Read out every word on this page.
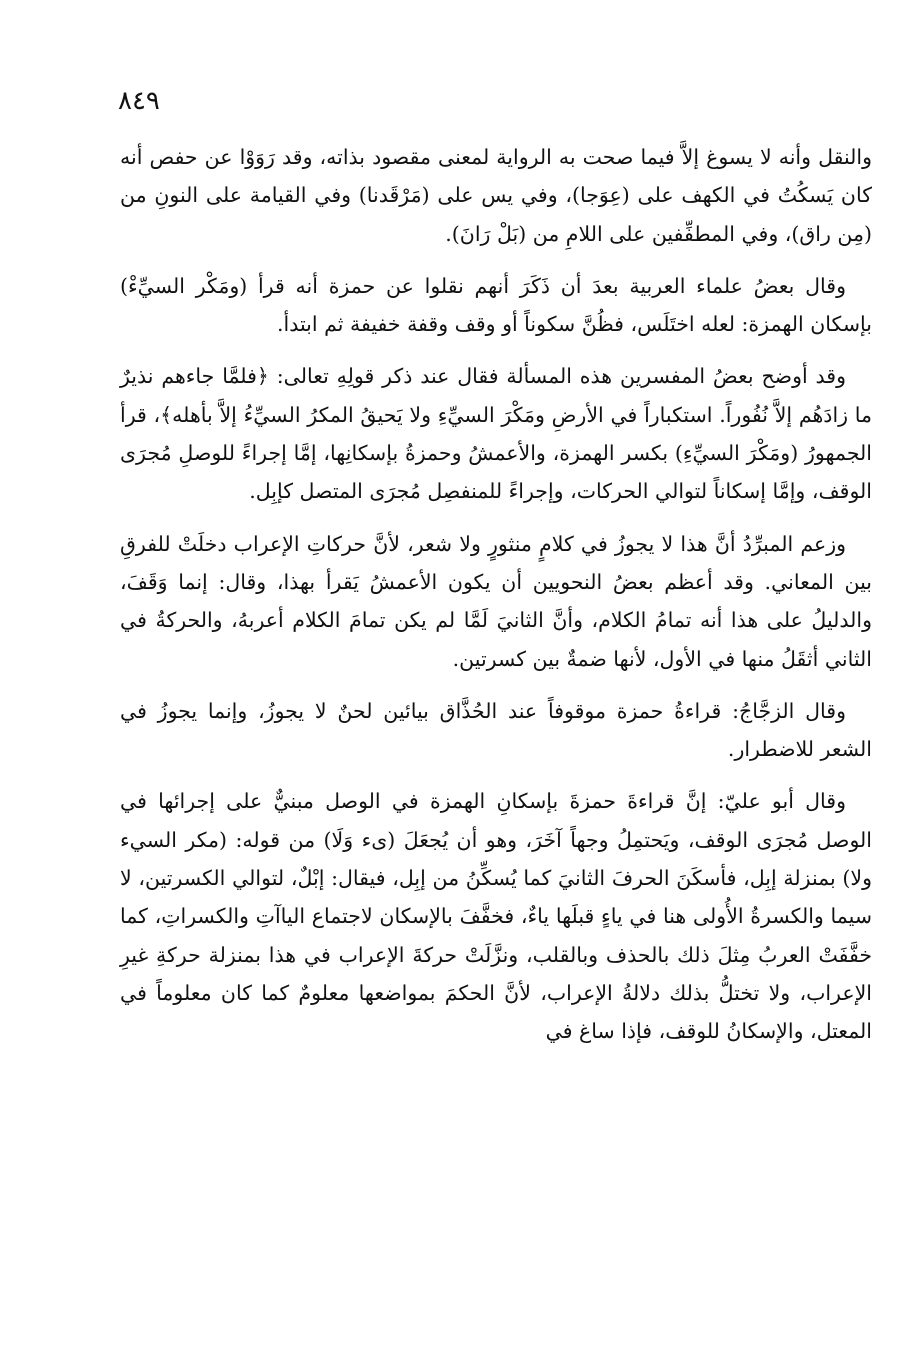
٨٤٩

والنقل وأنه لا يسوغ إلاَّ فيما صحت به الرواية لمعنى مقصود بذاته، وقد رَوَوْا عن حفص أنه كان يَسكُتُ في الكهف على (عِوَجا)، وفي يس على (مَرْقَدنا) وفي القيامة على النونِ من (مِن راق)، وفي المطفِّفين على اللامِ من (بَلْ رَانَ).

وقال بعضُ علماء العربية بعدَ أن ذَكَرَ أنهم نقلوا عن حمزة أنه قرأ (ومَكْر السيِّءْ) بإسكان الهمزة: لعله اختَلَس، فظُنَّ سكوناً أو وقف وقفة خفيفة ثم ابتدأ.

وقد أوضح بعضُ المفسرين هذه المسألة فقال عند ذكر قولِهِ تعالى: ﴿فلمَّا جاءهم نذيرٌ ما زادَهُم إلاَّ نُفُوراً. استكباراً في الأرضِ ومَكْرَ السيِّءِ ولا يَحيقُ المكرُ السيِّءُ إلاَّ بأهله﴾، قرأ الجمهورُ (ومَكْرَ السيِّءِ) بكسر الهمزة، والأعمشُ وحمزةُ بإسكانِها، إمَّا إجراءً للوصلِ مُجرَى الوقف، وإمَّا إسكاناً لتوالي الحركات، وإجراءً للمنفصِل مُجرَى المتصل كإبِل.

وزعم المبرِّدُ أنَّ هذا لا يجوزُ في كلامٍ منثورٍ ولا شعر، لأنَّ حركاتِ الإعراب دخلَتْ للفرقِ بين المعاني. وقد أعظم بعضُ النحويين أن يكون الأعمشُ يَقرأ بهذا، وقال: إنما وَقَفَ، والدليلُ على هذا أنه تمامُ الكلام، وأنَّ الثانيَ لَمَّا لم يكن تمامَ الكلام أعربهُ، والحركةُ في الثاني أثقَلُ منها في الأول، لأنها ضمةٌ بين كسرتين.

وقال الزجَّاجُ: قراءةُ حمزة موقوفاً عند الحُذَّاق بيائين لحنٌ لا يجوزُ، وإنما يجوزُ في الشعر للاضطرار.

وقال أبو عليّ: إنَّ قراءةَ حمزةَ بإسكانِ الهمزة في الوصل مبنيٌّ على إجرائها في الوصل مُجرَى الوقف، ويَحتمِلُ وجهاً آخَرَ، وهو أن يُجعَلَ (ىء وَلَا) من قوله: (مكر السيء ولا) بمنزلة إبِل، فأسكَنَ الحرفَ الثانيَ كما يُسكِّنُ من إبِل، فيقال: إبْلٌ، لتوالي الكسرتين، لا سيما والكسرةُ الأُولى هنا في ياءٍ قبلَها ياءٌ، فخفَّفَ بالإسكان لاجتماع الياآتِ والكسراتِ، كما خفَّفَتْ العربُ مِثلَ ذلك بالحذف وبالقلب، ونزَّلَتْ حركةَ الإعراب في هذا بمنزلة حركةِ غيرِ الإعراب، ولا تختلُّ بذلك دلالةُ الإعراب، لأنَّ الحكمَ بمواضعها معلومٌ كما كان معلوماً في المعتل، والإسكانُ للوقف، فإذا ساغ في
